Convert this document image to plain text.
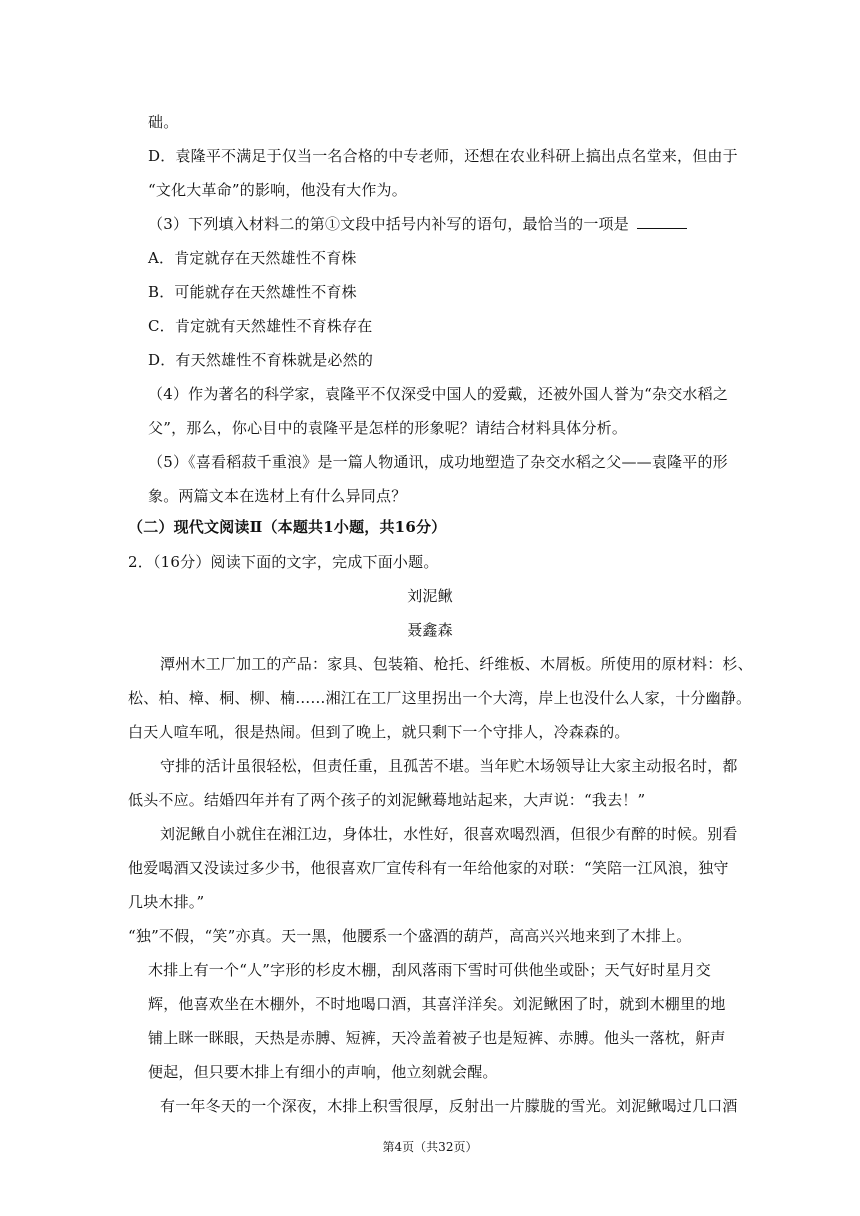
础。
D．袁隆平不满足于仅当一名合格的中专老师，还想在农业科研上搞出点名堂来，但由于
“文化大革命”的影响，他没有大作为。
（3）下列填入材料二的第①文段中括号内补写的语句，最恰当的一项是
A．肯定就存在天然雄性不育株
B．可能就存在天然雄性不育株
C．肯定就有天然雄性不育株存在
D．有天然雄性不育株就是必然的
（4）作为著名的科学家，袁隆平不仅深受中国人的爱戴，还被外国人誉为“杂交水稻之
父”，那么，你心目中的袁隆平是怎样的形象呢？请结合材料具体分析。
（5）《喜看稻菽千重浪》是一篇人物通讯，成功地塑造了杂交水稻之父——袁隆平的形
象。两篇文本在选材上有什么异同点？
（二）现代文阅读Ⅱ（本题共1小题，共16分）
2．（16分）阅读下面的文字，完成下面小题。
刘泥鳅
聂鑫森
潭州木工厂加工的产品：家具、包装箱、枪托、纤维板、木屑板。所使用的原材料：杉、
松、柏、樟、桐、柳、楠……湘江在工厂这里拐出一个大湾，岸上也没什么人家，十分幽静。
白天人喧车吼，很是热闹。但到了晚上，就只剩下一个守排人，冷森森的。
守排的活计虽很轻松，但责任重，且孤苦不堪。当年贮木场领导让大家主动报名时，都
低头不应。结婚四年并有了两个孩子的刘泥鳅蓦地站起来，大声说：“我去！”
刘泥鳅自小就住在湘江边，身体壮，水性好，很喜欢喝烈酒，但很少有醉的时候。别看
他爱喝酒又没读过多少书，他很喜欢厂宣传科有一年给他家的对联：“笑陪一江风浪，独守
几块木排。”
“独”不假，“笑”亦真。天一黑，他腰系一个盛酒的葫芦，高高兴兴地来到了木排上。
木排上有一个“人”字形的杉皮木棚，刮风落雨下雪时可供他坐或卧；天气好时星月交
辉，他喜欢坐在木棚外，不时地喝口酒，其喜洋洋矣。刘泥鳅困了时，就到木棚里的地
铺上眯一眯眼，天热是赤膊、短裤，天冷盖着被子也是短裤、赤膊。他头一落枕，鼾声
便起，但只要木排上有细小的声响，他立刻就会醒。
有一年冬天的一个深夜，木排上积雪很厚，反射出一片朦胧的雪光。刘泥鳅喝过几口酒
第4页（共32页）
